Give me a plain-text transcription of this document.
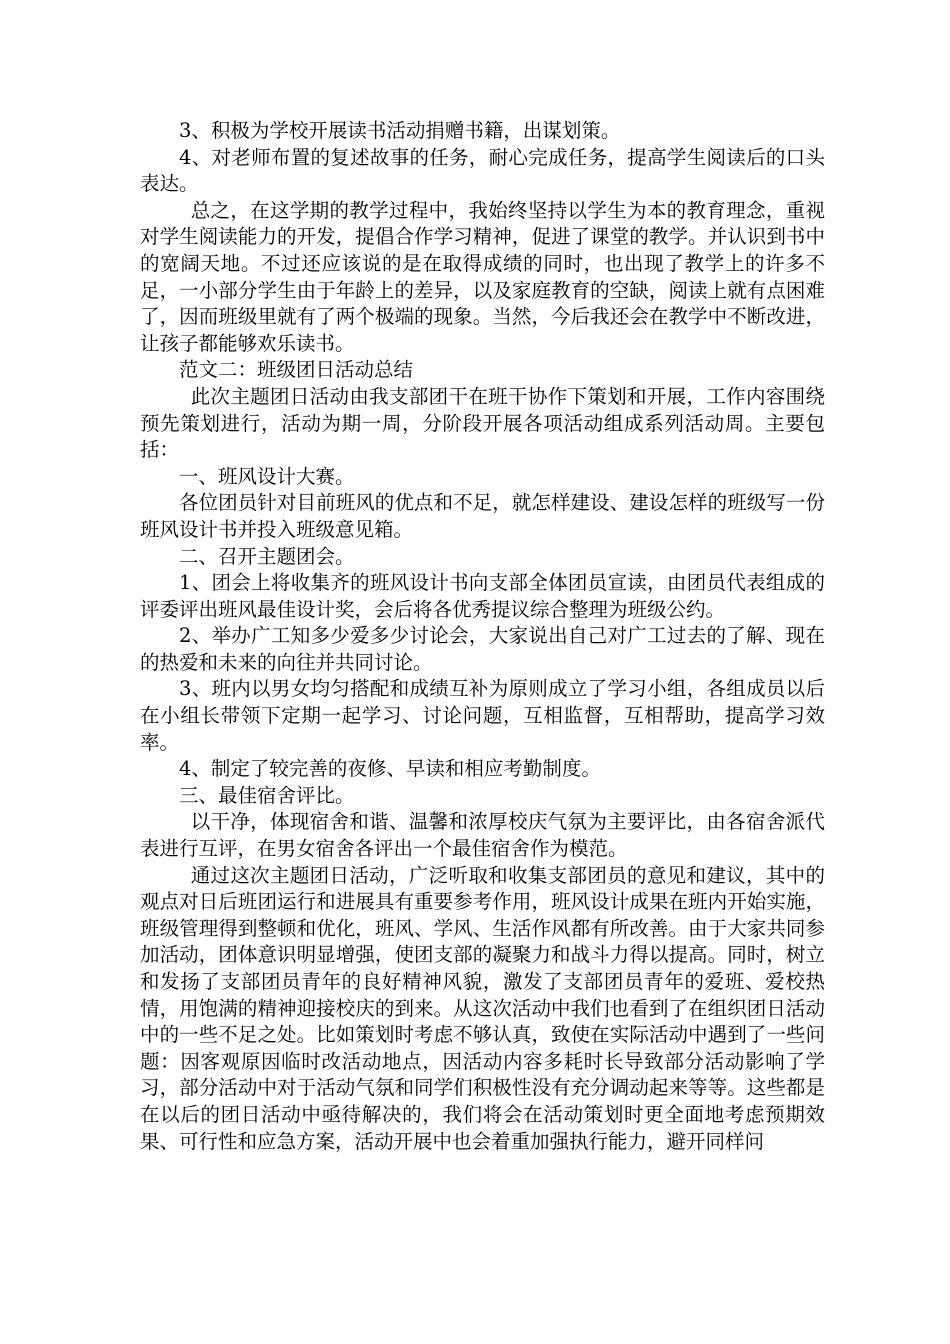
3、积极为学校开展读书活动捐赠书籍，出谋划策。

4、对老师布置的复述故事的任务，耐心完成任务，提高学生阅读后的口头表达。

总之，在这学期的教学过程中，我始终坚持以学生为本的教育理念，重视对学生阅读能力的开发，提倡合作学习精神，促进了课堂的教学。并认识到书中的宽阔天地。不过还应该说的是在取得成绩的同时，也出现了教学上的许多不足，一小部分学生由于年龄上的差异，以及家庭教育的空缺，阅读上就有点困难了，因而班级里就有了两个极端的现象。当然，今后我还会在教学中不断改进，让孩子都能够欢乐读书。

范文二：班级团日活动总结

此次主题团日活动由我支部团干在班干协作下策划和开展，工作内容围绕预先策划进行，活动为期一周，分阶段开展各项活动组成系列活动周。主要包括：

一、班风设计大赛。

各位团员针对目前班风的优点和不足，就怎样建设、建设怎样的班级写一份班风设计书并投入班级意见箱。

二、召开主题团会。

1、团会上将收集齐的班风设计书向支部全体团员宣读，由团员代表组成的评委评出班风最佳设计奖，会后将各优秀提议综合整理为班级公约。

2、举办广工知多少爱多少讨论会，大家说出自己对广工过去的了解、现在的热爱和未来的向往并共同讨论。

3、班内以男女均匀搭配和成绩互补为原则成立了学习小组，各组成员以后在小组长带领下定期一起学习、讨论问题，互相监督，互相帮助，提高学习效率。

4、制定了较完善的夜修、早读和相应考勤制度。

三、最佳宿舍评比。

以干净，体现宿舍和谐、温馨和浓厚校庆气氛为主要评比，由各宿舍派代表进行互评，在男女宿舍各评出一个最佳宿舍作为模范。

通过这次主题团日活动，广泛听取和收集支部团员的意见和建议，其中的观点对日后班团运行和进展具有重要参考作用，班风设计成果在班内开始实施，班级管理得到整顿和优化，班风、学风、生活作风都有所改善。由于大家共同参加活动，团体意识明显增强，使团支部的凝聚力和战斗力得以提高。同时，树立和发扬了支部团员青年的良好精神风貌，激发了支部团员青年的爱班、爱校热情，用饱满的精神迎接校庆的到来。从这次活动中我们也看到了在组织团日活动中的一些不足之处。比如策划时考虑不够认真，致使在实际活动中遇到了一些问题：因客观原因临时改活动地点，因活动内容多耗时长导致部分活动影响了学习，部分活动中对于活动气氛和同学们积极性没有充分调动起来等等。这些都是在以后的团日活动中亟待解决的，我们将会在活动策划时更全面地考虑预期效果、可行性和应急方案，活动开展中也会着重加强执行能力，避开同样问
